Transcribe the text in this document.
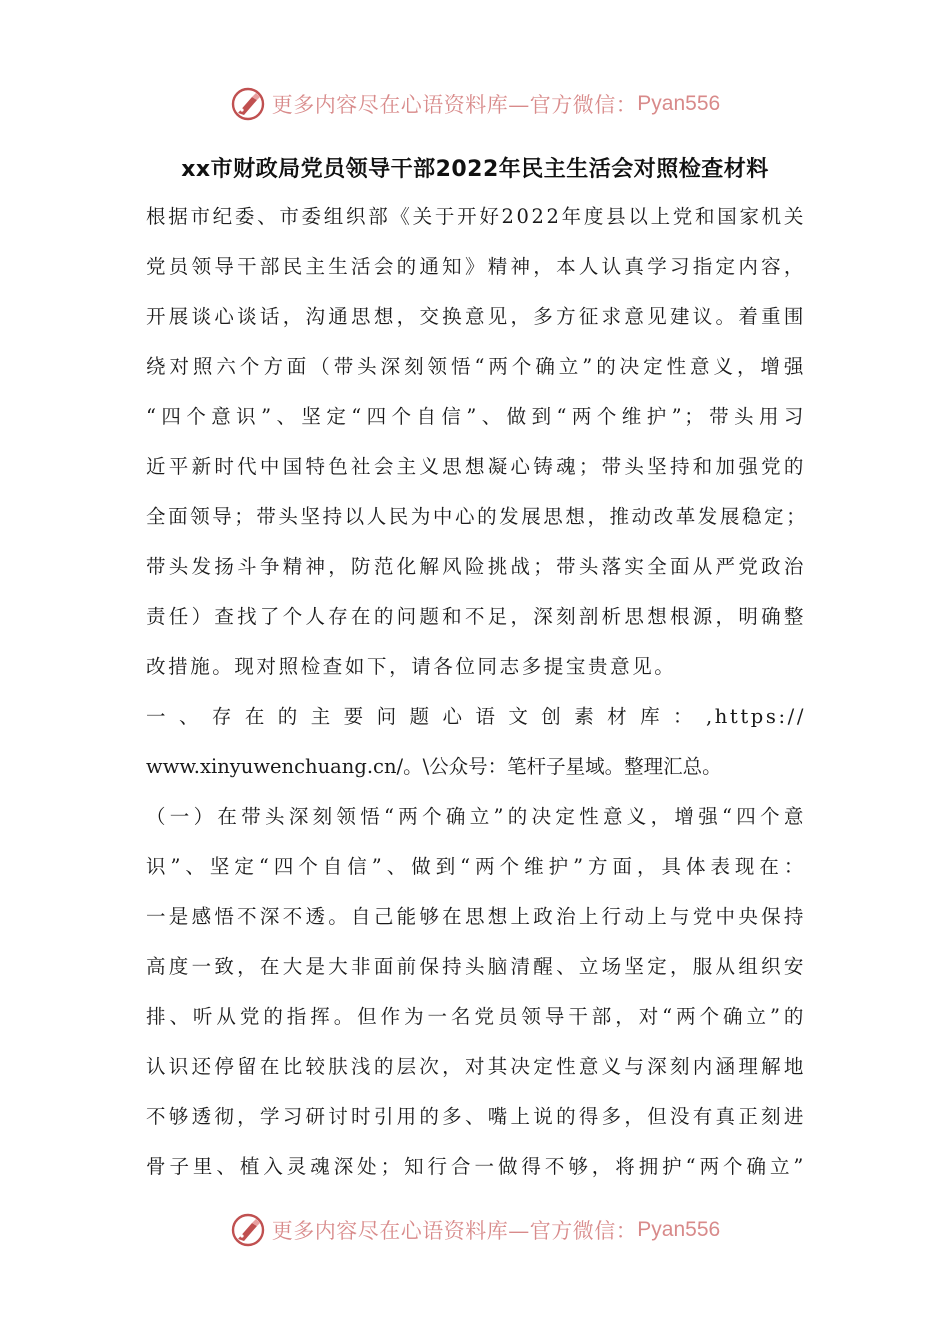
更多内容尽在心语资料库—官方微信： Pyan556
xx市财政局党员领导干部2022年民主生活会对照检查材料
根据市纪委、市委组织部《关于开好2022年度县以上党和国家机关
党员领导干部民主生活会的通知》精神，本人认真学习指定内容，
开展谈心谈话，沟通思想，交换意见，多方征求意见建议。着重围
绕对照六个方面（带头深刻领悟“两个确立”的决定性意义，增强
“四个意识”、坚定“四个自信”、做到“两个维护”；带头用习
近平新时代中国特色社会主义思想凝心铸魂；带头坚持和加强党的
全面领导；带头坚持以人民为中心的发展思想，推动改革发展稳定；
带头发扬斗争精神，防范化解风险挑战；带头落实全面从严党政治
责任）查找了个人存在的问题和不足，深刻剖析思想根源，明确整
改措施。现对照检查如下，请各位同志多提宝贵意见。
一、存在的主要问题心语文创素材库：,https://
www.xinyuwenchuang.cn/。\公众号：笔杆子星域。整理汇总。
（一）在带头深刻领悟“两个确立”的决定性意义，增强“四个意
识”、坚定“四个自信”、做到“两个维护”方面，具体表现在：
一是感悟不深不透。自己能够在思想上政治上行动上与党中央保持
高度一致，在大是大非面前保持头脑清醒、立场坚定，服从组织安
排、听从党的指挥。但作为一名党员领导干部，对“两个确立”的
认识还停留在比较肤浅的层次，对其决定性意义与深刻内涵理解地
不够透彻，学习研讨时引用的多、嘴上说的得多，但没有真正刻进
骨子里、植入灵魂深处；知行合一做得不够，将拥护“两个确立”
更多内容尽在心语资料库—官方微信： Pyan556
